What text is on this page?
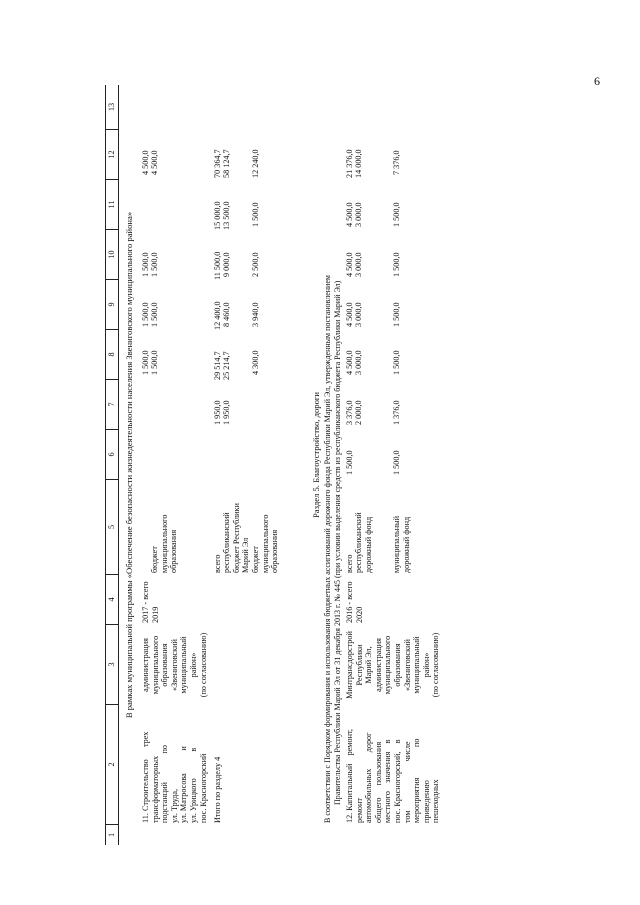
6
1
2
3
4
5
6
7
8
9
10
11
12
13
В рамках муниципальной программы «Обеспечение безопасности жизнедеятельности населения Звениговского муниципального района»
11. Строительство      трех трансформаторных подстанций              по ул. Труда, ул. Матросова           и ул. Урицкого             в пос. Красногорский
администрация муниципального образования «Звениговский муниципальный район» (по согласованию)
2017 - всего 2019
бюджет муниципального образования
1 500,0
1 500,0
1 500,0
4 500,0
1 500,0
1 500,0
1 500,0
4 500,0
Итого по разделу 4
всего республиканский бюджет Республики Марий Эл бюджет муниципального образования
1 950,0
29 514,7
12 400,0
11 500,0
15 000,0
70 364,7
1 950,0
25 214,7
8 460,0
9 000,0
13 500,0
58 124,7
4 300,0
3 940,0
2 500,0
1 500,0
12 240,0
Раздел 5. Благоустройство, дороги В соответствии с Порядком формирования и использования бюджетных ассигнований дорожного фонда Республики Марий Эл, утвержденным постановлением Правительства Республики Марий Эл от 31 декабря 2013 г. № 445 (при условии выделения средств из республиканского бюджета Республики Марий Эл) 12. Капитальный    ремонт, ремонт автомобильных        дорог общего      пользования местного    значения    в пос. Красногорский,    в том                        числе мероприятия               по приведению пешеходных
Минтрансдорстрой Республики Марий Эл, администрация муниципального образования «Звениговский муниципальный район» (по согласованию)
2016 - всего 2020
всего республиканский дорожный фонд муниципальный дорожный фонд
1 500,0
3 376,0
4 500,0
4 500,0
4 500,0
4 500,0
21 376,0
2 000,0
3 000,0
3 000,0
3 000,0
3 000,0
14 000,0
1 500,0
1 376,0
1 500,0
1 500,0
1 500,0
1 500,0
7 376,0
